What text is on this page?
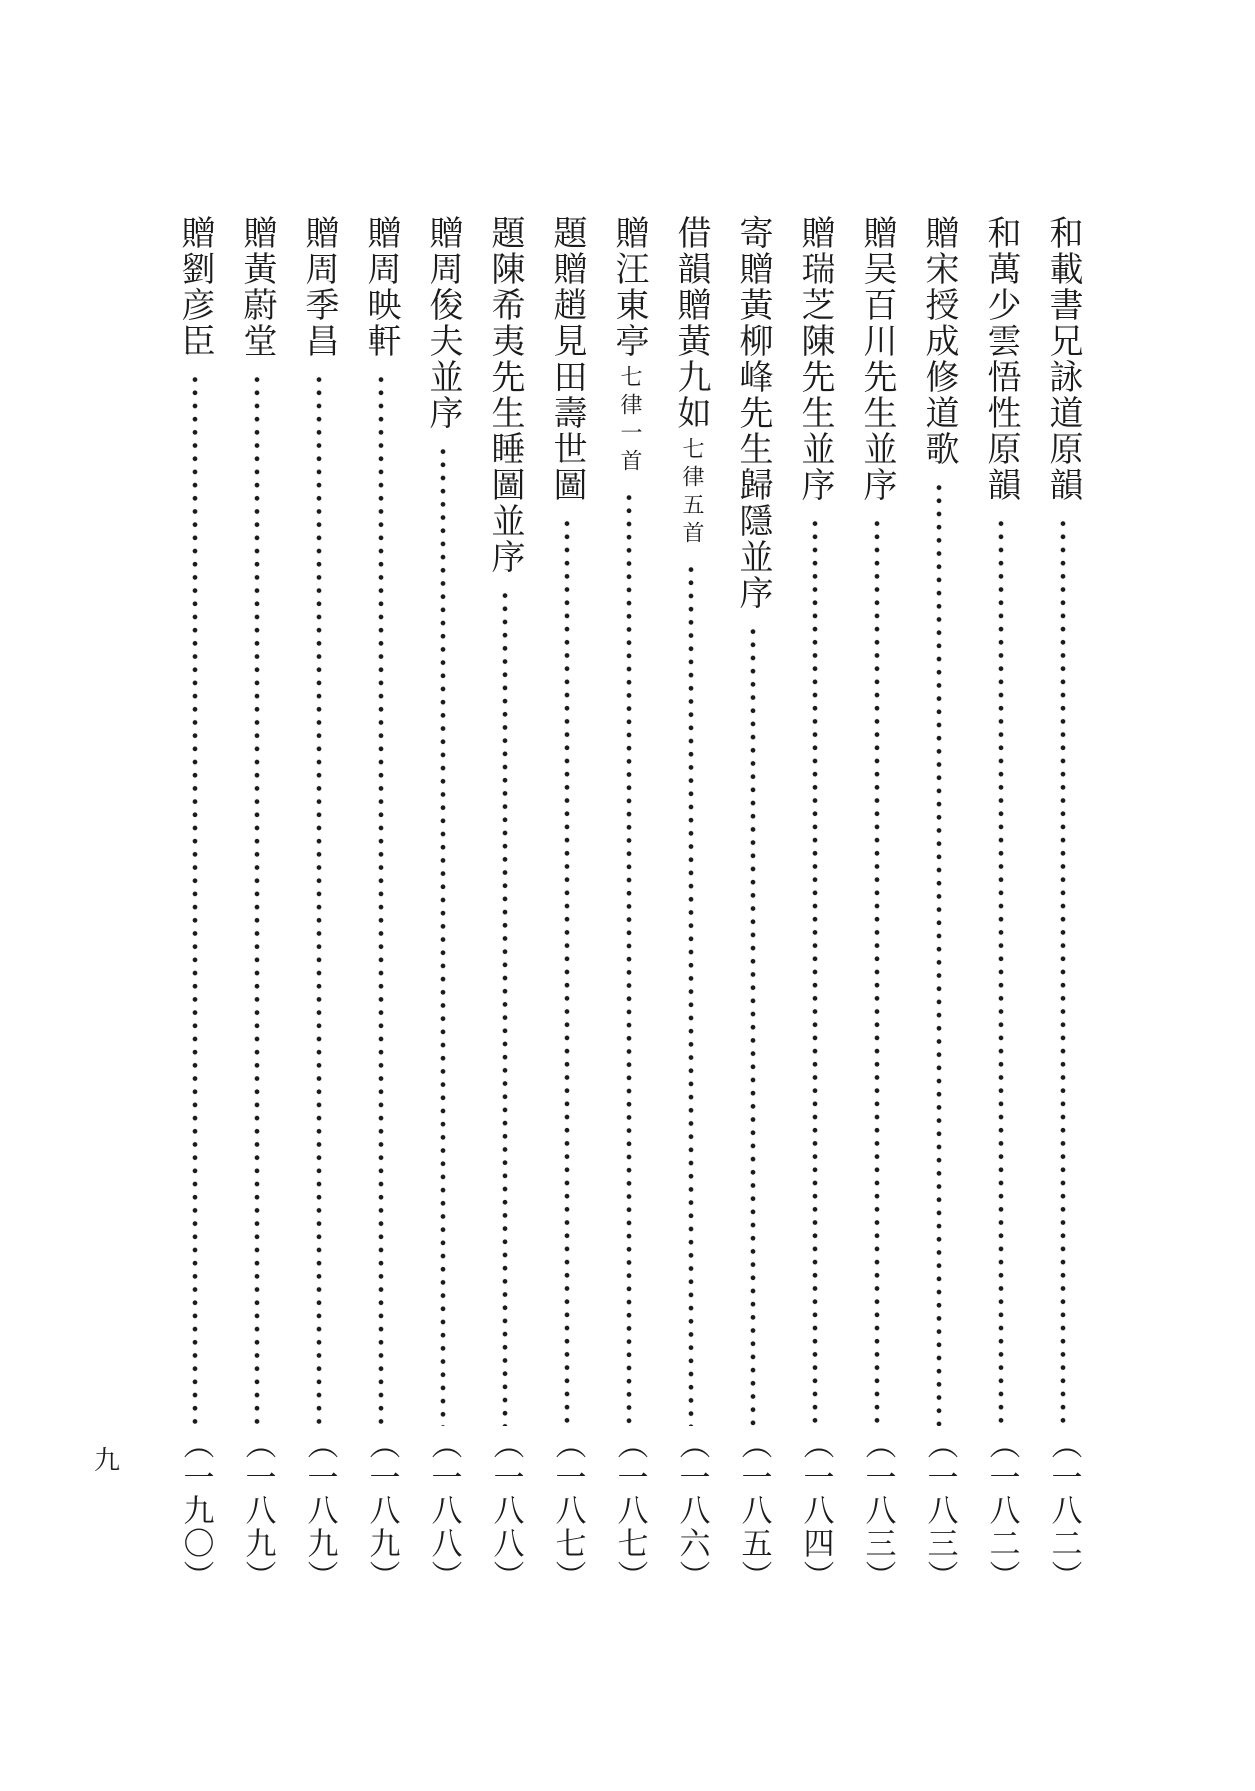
和載書兄詠道原韻
（一八二）
和萬少雲悟性原韻
（一八二）
贈宋授成修道歌
（一八三）
贈吴百川先生並序
（一八三）
贈瑞芝陳先生並序
（一八四）
寄贈黃柳峰先生歸隱並序
（一八五）
借韻贈黃九如
七律五首
（一八六）
贈汪東亭
七律一首
（一八七）
題贈趙見田壽世圖
（一八七）
題陳希夷先生睡圖並序
（一八八）
贈周俊夫並序
（一八八）
贈周映軒
（一八九）
贈周季昌
（一八九）
贈黃蔚堂
（一八九）
贈劉彦臣
（一九〇）
九
